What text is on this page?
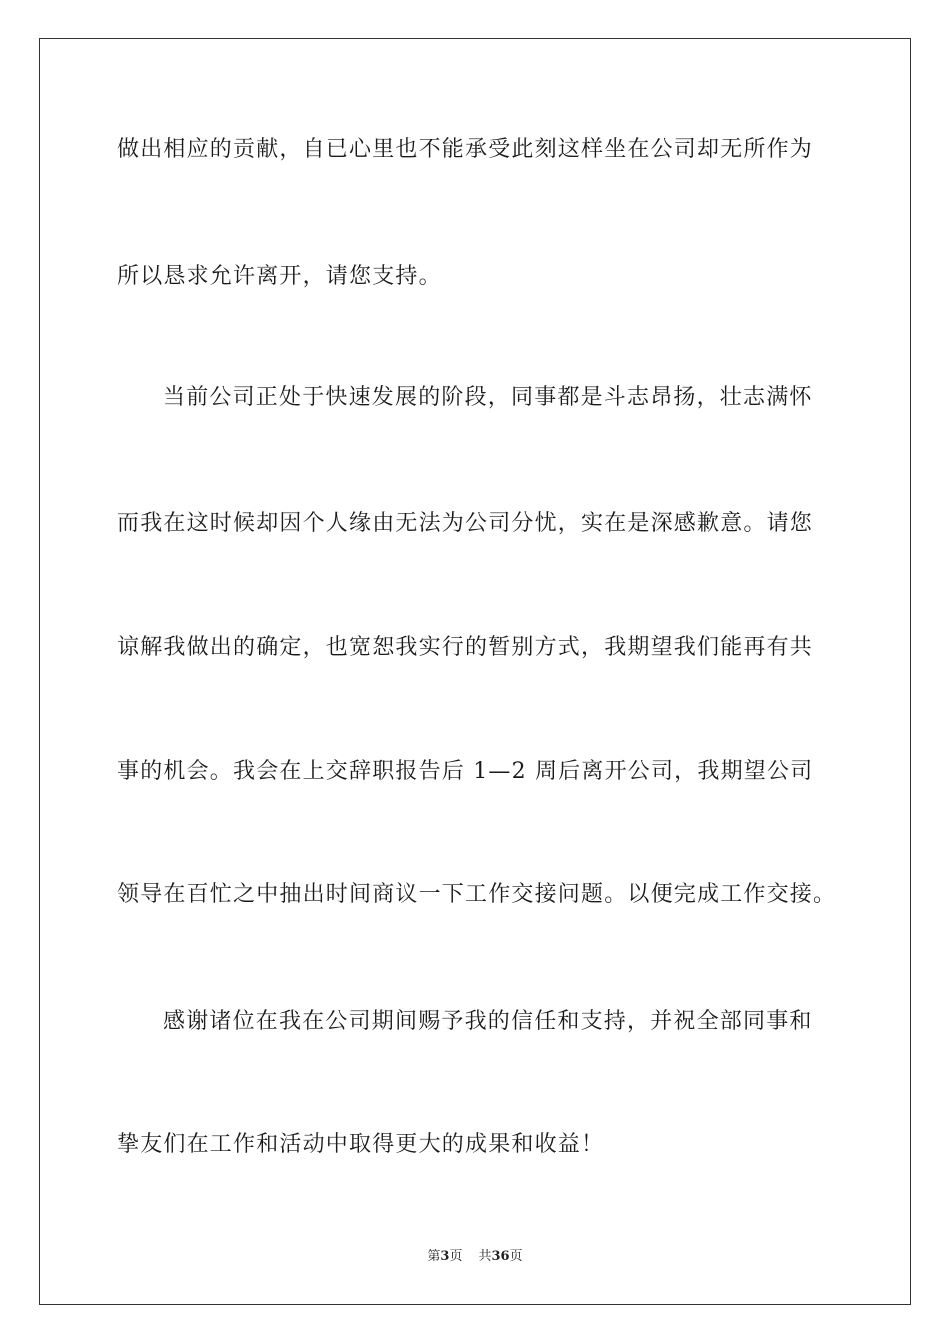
做出相应的贡献，自已心里也不能承受此刻这样坐在公司却无所作为
所以恳求允许离开，请您支持。
当前公司正处于快速发展的阶段，同事都是斗志昂扬，壮志满怀
而我在这时候却因个人缘由无法为公司分忧，实在是深感歉意。请您
谅解我做出的确定，也宽恕我实行的暂别方式，我期望我们能再有共
事的机会。我会在上交辞职报告后 1—2 周后离开公司，我期望公司
领导在百忙之中抽出时间商议一下工作交接问题。以便完成工作交接。
感谢诸位在我在公司期间赐予我的信任和支持，并祝全部同事和
挚友们在工作和活动中取得更大的成果和收益！
第3页 共36页
